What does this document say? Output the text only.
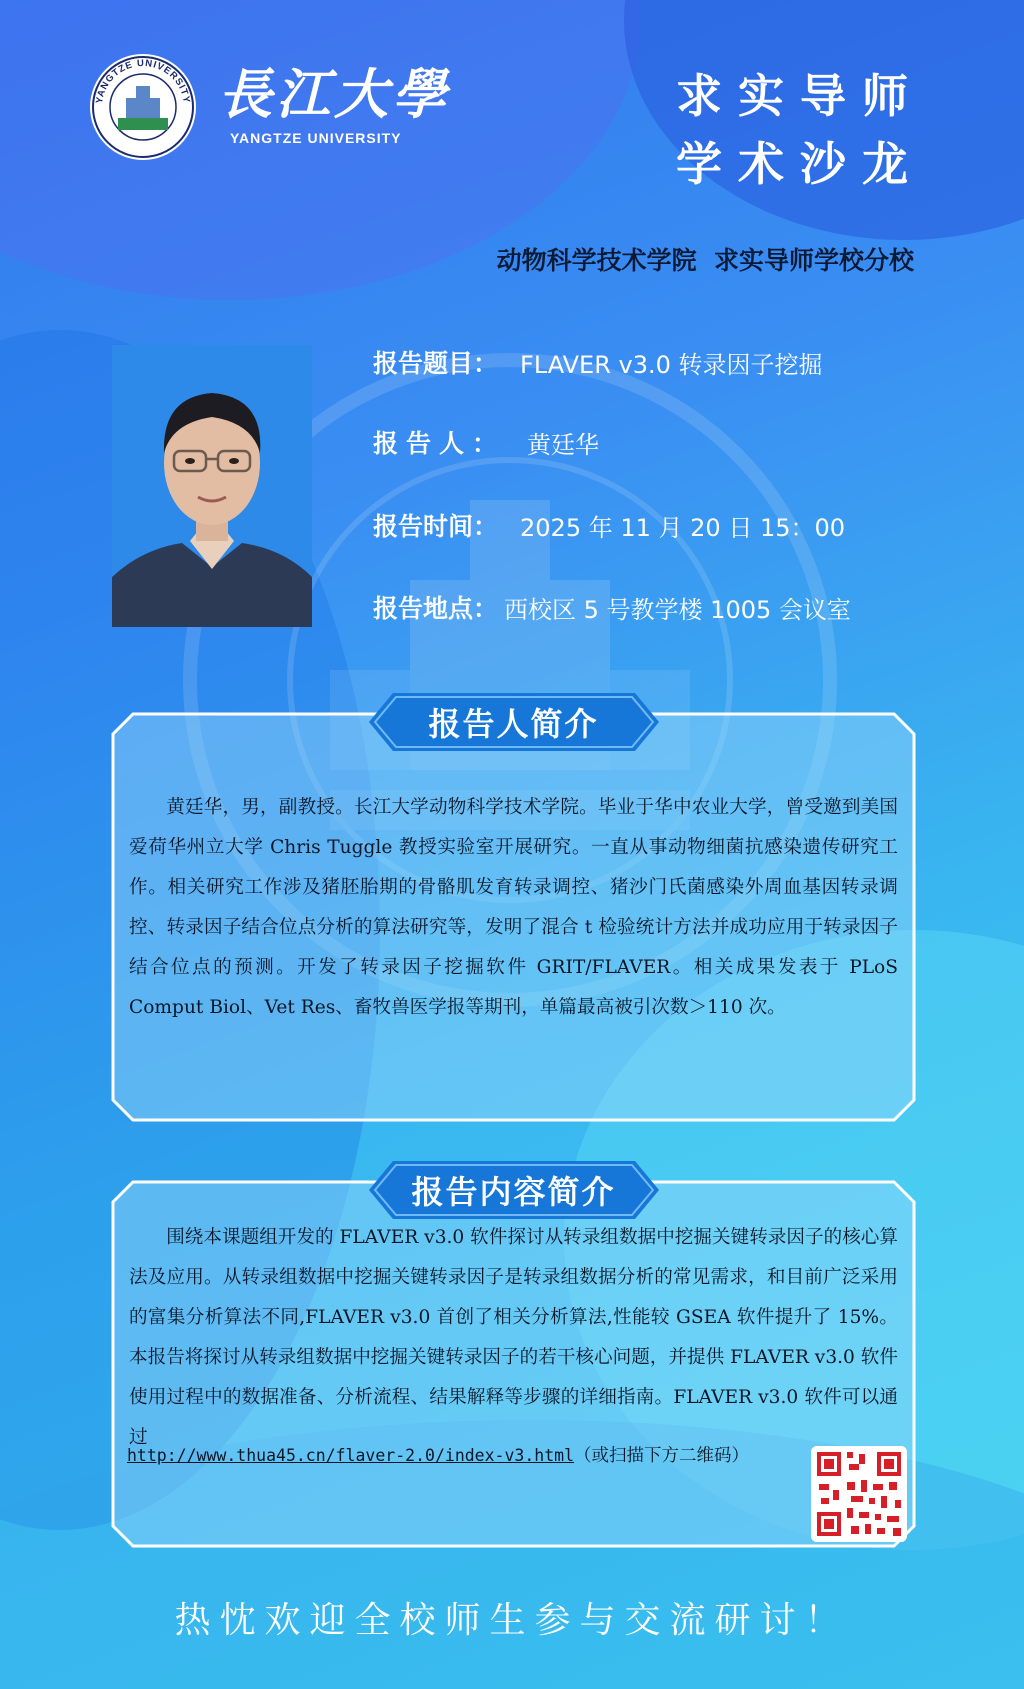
YANGTZE UNIVERSITY 長江大學
YANGTZE UNIVERSITY
求实导师
学术沙龙
动物科学技术学院  求实导师学校分校
报告题目： FLAVER v3.0 转录因子挖掘
报告人： 黄廷华
报告时间： 2025 年 11 月 20 日 15：00
报告地点： 西校区 5 号教学楼 1005 会议室
报告人简介
黄廷华，男，副教授。长江大学动物科学技术学院。毕业于华中农业大学，曾受邀到美国爱荷华州立大学 Chris Tuggle 教授实验室开展研究。一直从事动物细菌抗感染遗传研究工作。相关研究工作涉及猪胚胎期的骨骼肌发育转录调控、猪沙门氏菌感染外周血基因转录调控、转录因子结合位点分析的算法研究等，发明了混合 t 检验统计方法并成功应用于转录因子结合位点的预测。开发了转录因子挖掘软件 GRIT/FLAVER。相关成果发表于 PLoS Comput Biol、Vet Res、畜牧兽医学报等期刊，单篇最高被引次数＞110 次。
报告内容简介
围绕本课题组开发的 FLAVER v3.0 软件探讨从转录组数据中挖掘关键转录因子的核心算法及应用。从转录组数据中挖掘关键转录因子是转录组数据分析的常见需求，和目前广泛采用的富集分析算法不同,FLAVER v3.0 首创了相关分析算法,性能较 GSEA 软件提升了 15%。本报告将探讨从转录组数据中挖掘关键转录因子的若干核心问题，并提供 FLAVER v3.0 软件使用过程中的数据准备、分析流程、结果解释等步骤的详细指南。FLAVER v3.0 软件可以通过
http://www.thua45.cn/flaver-2.0/index-v3.html（或扫描下方二维码）
热忱欢迎全校师生参与交流研讨！
